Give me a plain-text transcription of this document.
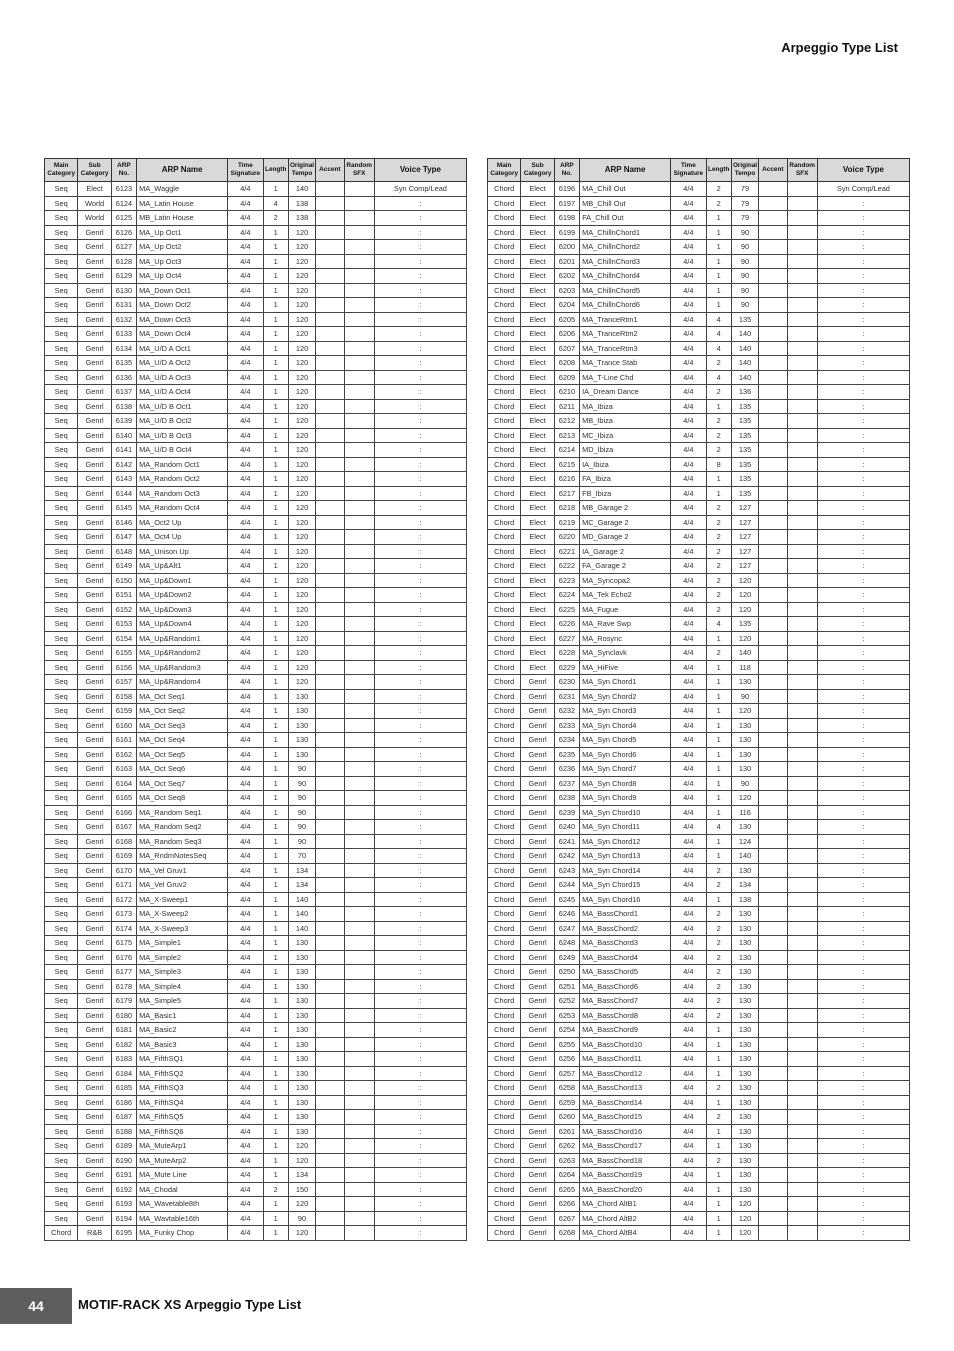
Arpeggio Type List
Main
Category	Sub
Category	ARP
No.	ARP Name	Time
Signature	Length	Original
Tempo	Accent	Random
SFX	Voice Type
Seq	Elect	6123	MA_Waggle	4/4	1	140			Syn Comp/Lead
Seq	World	6124	MA_Latin House	4/4	4	138			:
Seq	World	6125	MB_Latin House	4/4	2	138			:
Seq	Genrl	6126	MA_Up Oct1	4/4	1	120			:
Seq	Genrl	6127	MA_Up Oct2	4/4	1	120			:
Seq	Genrl	6128	MA_Up Oct3	4/4	1	120			:
Seq	Genrl	6129	MA_Up Oct4	4/4	1	120			:
Seq	Genrl	6130	MA_Down Oct1	4/4	1	120			:
Seq	Genrl	6131	MA_Down Oct2	4/4	1	120			:
Seq	Genrl	6132	MA_Down Oct3	4/4	1	120			:
Seq	Genrl	6133	MA_Down Oct4	4/4	1	120			:
Seq	Genrl	6134	MA_U/D A Oct1	4/4	1	120			:
Seq	Genrl	6135	MA_U/D A Oct2	4/4	1	120			:
Seq	Genrl	6136	MA_U/D A Oct3	4/4	1	120			:
Seq	Genrl	6137	MA_U/D A Oct4	4/4	1	120			:
Seq	Genrl	6138	MA_U/D B Oct1	4/4	1	120			:
Seq	Genrl	6139	MA_U/D B Oct2	4/4	1	120			:
Seq	Genrl	6140	MA_U/D B Oct3	4/4	1	120			:
Seq	Genrl	6141	MA_U/D B Oct4	4/4	1	120			:
Seq	Genrl	6142	MA_Random Oct1	4/4	1	120			:
Seq	Genrl	6143	MA_Random Oct2	4/4	1	120			:
Seq	Genrl	6144	MA_Random Oct3	4/4	1	120			:
Seq	Genrl	6145	MA_Random Oct4	4/4	1	120			:
Seq	Genrl	6146	MA_Oct2 Up	4/4	1	120			:
Seq	Genrl	6147	MA_Oct4 Up	4/4	1	120			:
Seq	Genrl	6148	MA_Unison Up	4/4	1	120			:
Seq	Genrl	6149	MA_Up&Alt1	4/4	1	120			:
Seq	Genrl	6150	MA_Up&Down1	4/4	1	120			:
Seq	Genrl	6151	MA_Up&Down2	4/4	1	120			:
Seq	Genrl	6152	MA_Up&Down3	4/4	1	120			:
Seq	Genrl	6153	MA_Up&Down4	4/4	1	120			:
Seq	Genrl	6154	MA_Up&Random1	4/4	1	120			:
Seq	Genrl	6155	MA_Up&Random2	4/4	1	120			:
Seq	Genrl	6156	MA_Up&Random3	4/4	1	120			:
Seq	Genrl	6157	MA_Up&Random4	4/4	1	120			:
Seq	Genrl	6158	MA_Oct Seq1	4/4	1	130			:
Seq	Genrl	6159	MA_Oct Seq2	4/4	1	130			:
Seq	Genrl	6160	MA_Oct Seq3	4/4	1	130			:
Seq	Genrl	6161	MA_Oct Seq4	4/4	1	130			:
Seq	Genrl	6162	MA_Oct Seq5	4/4	1	130			:
Seq	Genrl	6163	MA_Oct Seq6	4/4	1	90			:
Seq	Genrl	6164	MA_Oct Seq7	4/4	1	90			:
Seq	Genrl	6165	MA_Oct Seq8	4/4	1	90			:
Seq	Genrl	6166	MA_Random Seq1	4/4	1	90			:
Seq	Genrl	6167	MA_Random Seq2	4/4	1	90			:
Seq	Genrl	6168	MA_Random Seq3	4/4	1	90			:
Seq	Genrl	6169	MA_RndmNotesSeq	4/4	1	70			:
Seq	Genrl	6170	MA_Vel Gruv1	4/4	1	134			:
Seq	Genrl	6171	MA_Vel Gruv2	4/4	1	134			:
Seq	Genrl	6172	MA_X-Sweep1	4/4	1	140			:
Seq	Genrl	6173	MA_X-Sweep2	4/4	1	140			:
Seq	Genrl	6174	MA_X-Sweep3	4/4	1	140			:
Seq	Genrl	6175	MA_Simple1	4/4	1	130			:
Seq	Genrl	6176	MA_Simple2	4/4	1	130			:
Seq	Genrl	6177	MA_Simple3	4/4	1	130			:
Seq	Genrl	6178	MA_Simple4	4/4	1	130			:
Seq	Genrl	6179	MA_Simple5	4/4	1	130			:
Seq	Genrl	6180	MA_Basic1	4/4	1	130			:
Seq	Genrl	6181	MA_Basic2	4/4	1	130			:
Seq	Genrl	6182	MA_Basic3	4/4	1	130			:
Seq	Genrl	6183	MA_FifthSQ1	4/4	1	130			:
Seq	Genrl	6184	MA_FifthSQ2	4/4	1	130			:
Seq	Genrl	6185	MA_FifthSQ3	4/4	1	130			:
Seq	Genrl	6186	MA_FifthSQ4	4/4	1	130			:
Seq	Genrl	6187	MA_FifthSQ5	4/4	1	130			:
Seq	Genrl	6188	MA_FifthSQ6	4/4	1	130			:
Seq	Genrl	6189	MA_MuteArp1	4/4	1	120			:
Seq	Genrl	6190	MA_MuteArp2	4/4	1	120			:
Seq	Genrl	6191	MA_Mute Line	4/4	1	134			:
Seq	Genrl	6192	MA_Chodal	4/4	2	150			:
Seq	Genrl	6193	MA_Wavetable8th	4/4	1	120			:
Seq	Genrl	6194	MA_Wavtable16th	4/4	1	90			:
Chord	R&B	6195	MA_Funky Chop	4/4	1	120			:
Main
Category	Sub
Category	ARP
No.	ARP Name	Time
Signature	Length	Original
Tempo	Accent	Random
SFX	Voice Type
Chord	Elect	6196	MA_Chill Out	4/4	2	79			Syn Comp/Lead
Chord	Elect	6197	MB_Chill Out	4/4	2	79			:
Chord	Elect	6198	FA_Chill Out	4/4	1	79			:
Chord	Elect	6199	MA_ChillnChord1	4/4	1	90			:
Chord	Elect	6200	MA_ChillnChord2	4/4	1	90			:
Chord	Elect	6201	MA_ChillnChord3	4/4	1	90			:
Chord	Elect	6202	MA_ChillnChord4	4/4	1	90			:
Chord	Elect	6203	MA_ChillnChord5	4/4	1	90			:
Chord	Elect	6204	MA_ChillnChord6	4/4	1	90			:
Chord	Elect	6205	MA_TranceRtm1	4/4	4	135			:
Chord	Elect	6206	MA_TranceRtm2	4/4	4	140			:
Chord	Elect	6207	MA_TranceRtm3	4/4	4	140			:
Chord	Elect	6208	MA_Trance Stab	4/4	2	140			:
Chord	Elect	6209	MA_T-Line Chd	4/4	4	140			:
Chord	Elect	6210	IA_Dream Dance	4/4	2	136			:
Chord	Elect	6211	MA_Ibiza	4/4	1	135			:
Chord	Elect	6212	MB_Ibiza	4/4	2	135			:
Chord	Elect	6213	MC_Ibiza	4/4	2	135			:
Chord	Elect	6214	MD_Ibiza	4/4	2	135			:
Chord	Elect	6215	IA_Ibiza	4/4	8	135			:
Chord	Elect	6216	FA_Ibiza	4/4	1	135			:
Chord	Elect	6217	FB_Ibiza	4/4	1	135			:
Chord	Elect	6218	MB_Garage 2	4/4	2	127			:
Chord	Elect	6219	MC_Garage 2	4/4	2	127			:
Chord	Elect	6220	MD_Garage 2	4/4	2	127			:
Chord	Elect	6221	IA_Garage 2	4/4	2	127			:
Chord	Elect	6222	FA_Garage 2	4/4	2	127			:
Chord	Elect	6223	MA_Syncopa2	4/4	2	120			:
Chord	Elect	6224	MA_Tek Echo2	4/4	2	120			:
Chord	Elect	6225	MA_Fugue	4/4	2	120			:
Chord	Elect	6226	MA_Rave Swp	4/4	4	135			:
Chord	Elect	6227	MA_Rosync	4/4	1	120			:
Chord	Elect	6228	MA_Synclavk	4/4	2	140			:
Chord	Elect	6229	MA_HiFive	4/4	1	118			:
Chord	Genrl	6230	MA_Syn Chord1	4/4	1	130			:
Chord	Genrl	6231	MA_Syn Chord2	4/4	1	90			:
Chord	Genrl	6232	MA_Syn Chord3	4/4	1	120			:
Chord	Genrl	6233	MA_Syn Chord4	4/4	1	130			:
Chord	Genrl	6234	MA_Syn Chord5	4/4	1	130			:
Chord	Genrl	6235	MA_Syn Chord6	4/4	1	130			:
Chord	Genrl	6236	MA_Syn Chord7	4/4	1	130			:
Chord	Genrl	6237	MA_Syn Chord8	4/4	1	90			:
Chord	Genrl	6238	MA_Syn Chord9	4/4	1	120			:
Chord	Genrl	6239	MA_Syn Chord10	4/4	1	116			:
Chord	Genrl	6240	MA_Syn Chord11	4/4	4	130			:
Chord	Genrl	6241	MA_Syn Chord12	4/4	1	124			:
Chord	Genrl	6242	MA_Syn Chord13	4/4	1	140			:
Chord	Genrl	6243	MA_Syn Chord14	4/4	2	130			:
Chord	Genrl	6244	MA_Syn Chord15	4/4	2	134			:
Chord	Genrl	6245	MA_Syn Chord16	4/4	1	138			:
Chord	Genrl	6246	MA_BassChord1	4/4	2	130			:
Chord	Genrl	6247	MA_BassChord2	4/4	2	130			:
Chord	Genrl	6248	MA_BassChord3	4/4	2	130			:
Chord	Genrl	6249	MA_BassChord4	4/4	2	130			:
Chord	Genrl	6250	MA_BassChord5	4/4	2	130			:
Chord	Genrl	6251	MA_BassChord6	4/4	2	130			:
Chord	Genrl	6252	MA_BassChord7	4/4	2	130			:
Chord	Genrl	6253	MA_BassChord8	4/4	2	130			:
Chord	Genrl	6254	MA_BassChord9	4/4	1	130			:
Chord	Genrl	6255	MA_BassChord10	4/4	1	130			:
Chord	Genrl	6256	MA_BassChord11	4/4	1	130			:
Chord	Genrl	6257	MA_BassChord12	4/4	1	130			:
Chord	Genrl	6258	MA_BassChord13	4/4	2	130			:
Chord	Genrl	6259	MA_BassChord14	4/4	1	130			:
Chord	Genrl	6260	MA_BassChord15	4/4	2	130			:
Chord	Genrl	6261	MA_BassChord16	4/4	1	130			:
Chord	Genrl	6262	MA_BassChord17	4/4	1	130			:
Chord	Genrl	6263	MA_BassChord18	4/4	2	130			:
Chord	Genrl	6264	MA_BassChord19	4/4	1	130			:
Chord	Genrl	6265	MA_BassChord20	4/4	1	130			:
Chord	Genrl	6266	MA_Chord AltB1	4/4	1	120			:
Chord	Genrl	6267	MA_Chord AltB2	4/4	1	120			:
Chord	Genrl	6268	MA_Chord AltB4	4/4	1	120			:
44	MOTIF-RACK XS Arpeggio Type List
